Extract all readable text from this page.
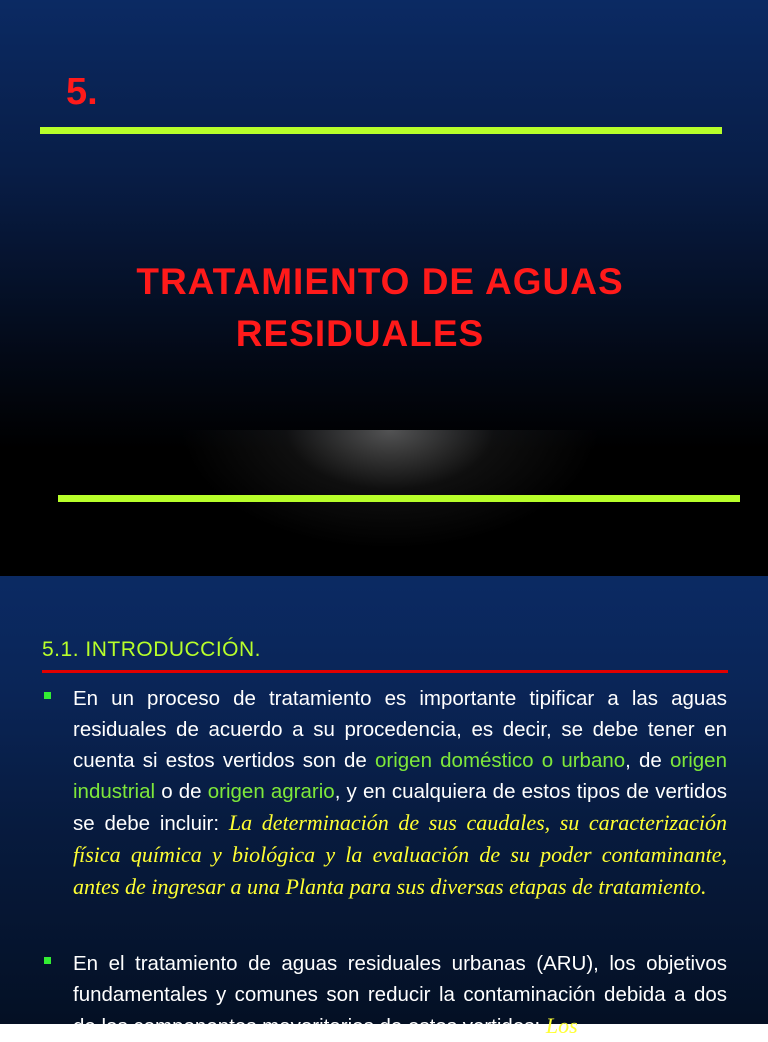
5.
TRATAMIENTO DE AGUAS
RESIDUALES
5.1. INTRODUCCIÓN.
En un proceso de tratamiento es importante tipificar a las aguas residuales de acuerdo a su procedencia, es decir, se debe tener en cuenta si estos vertidos son de origen doméstico o urbano, de origen industrial o de origen agrario, y en cualquiera de estos tipos de vertidos se debe incluir: La determinación de sus caudales, su caracterización física química y biológica y la evaluación de su poder contaminante, antes de ingresar a una Planta para sus diversas etapas de tratamiento.
En el tratamiento de aguas residuales urbanas (ARU), los objetivos fundamentales y comunes son reducir la contaminación debida a dos de los componentes mayoritarios de estos vertidos: Los
